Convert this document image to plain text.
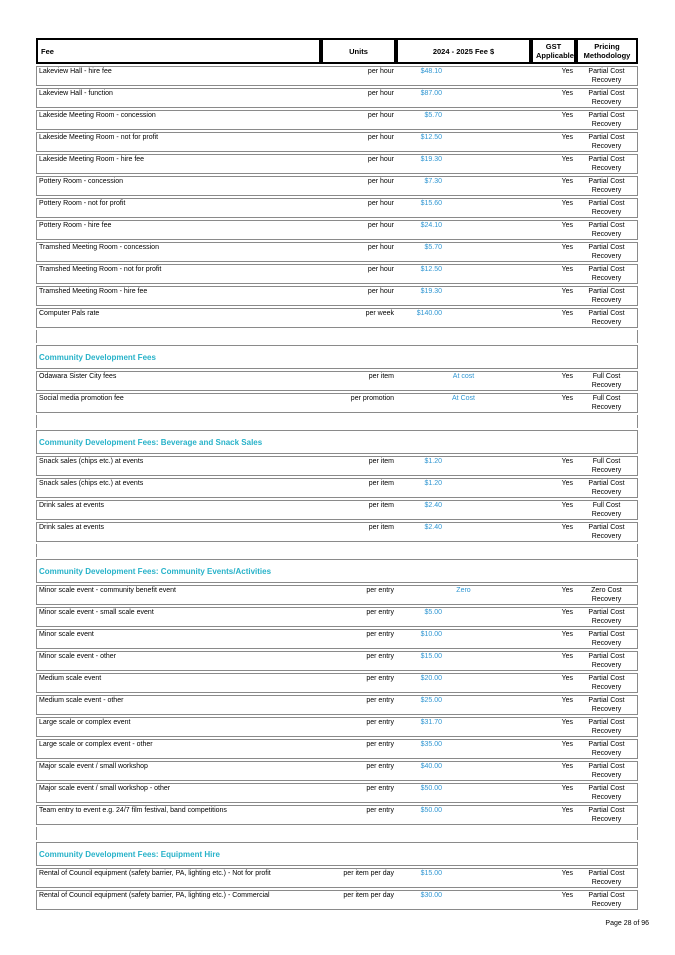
Fee	Units	2024 - 2025 Fee $	GST Applicable	Pricing Methodology
Lakeview Hall - hire fee	per hour	$48.10	Yes	Partial Cost Recovery
Lakeview Hall - function	per hour	$87.00	Yes	Partial Cost Recovery
Lakeside Meeting Room - concession	per hour	$5.70	Yes	Partial Cost Recovery
Lakeside Meeting Room - not for profit	per hour	$12.50	Yes	Partial Cost Recovery
Lakeside Meeting Room - hire fee	per hour	$19.30	Yes	Partial Cost Recovery
Pottery Room - concession	per hour	$7.30	Yes	Partial Cost Recovery
Pottery Room - not for profit	per hour	$15.60	Yes	Partial Cost Recovery
Pottery Room - hire fee	per hour	$24.10	Yes	Partial Cost Recovery
Tramshed Meeting Room - concession	per hour	$5.70	Yes	Partial Cost Recovery
Tramshed Meeting Room - not for profit	per hour	$12.50	Yes	Partial Cost Recovery
Tramshed Meeting Room - hire fee	per hour	$19.30	Yes	Partial Cost Recovery
Computer Pals rate	per week	$140.00	Yes	Partial Cost Recovery

Community Development Fees				
Odawara Sister City fees	per item	At cost	Yes	Full Cost Recovery
Social media promotion fee	per promotion	At Cost	Yes	Full Cost Recovery

Community Development Fees: Beverage and Snack Sales				
Snack sales (chips etc.) at events	per item	$1.20	Yes	Full Cost Recovery
Snack sales (chips etc.) at events	per item	$1.20	Yes	Partial Cost Recovery
Drink sales at events	per item	$2.40	Yes	Full Cost Recovery
Drink sales at events	per item	$2.40	Yes	Partial Cost Recovery

Community Development Fees: Community Events/Activities				
Minor scale event - community benefit event	per entry	Zero	Yes	Zero Cost Recovery
Minor scale event - small scale event	per entry	$5.00	Yes	Partial Cost Recovery
Minor scale event	per entry	$10.00	Yes	Partial Cost Recovery
Minor scale event - other	per entry	$15.00	Yes	Partial Cost Recovery
Medium scale event	per entry	$20.00	Yes	Partial Cost Recovery
Medium scale event - other	per entry	$25.00	Yes	Partial Cost Recovery
Large scale or complex event	per entry	$31.70	Yes	Partial Cost Recovery
Large scale or complex event - other	per entry	$35.00	Yes	Partial Cost Recovery
Major scale event / small workshop	per entry	$40.00	Yes	Partial Cost Recovery
Major scale event / small workshop - other	per entry	$50.00	Yes	Partial Cost Recovery
Team entry to event e.g. 24/7 film festival, band competitions	per entry	$50.00	Yes	Partial Cost Recovery

Community Development Fees: Equipment Hire				
Rental of Council equipment (safety barrier, PA, lighting etc.) - Not for profit	per item per day	$15.00	Yes	Partial Cost Recovery
Rental of Council equipment (safety barrier, PA, lighting etc.) - Commercial	per item per day	$30.00	Yes	Partial Cost Recovery
Page 28 of 96
